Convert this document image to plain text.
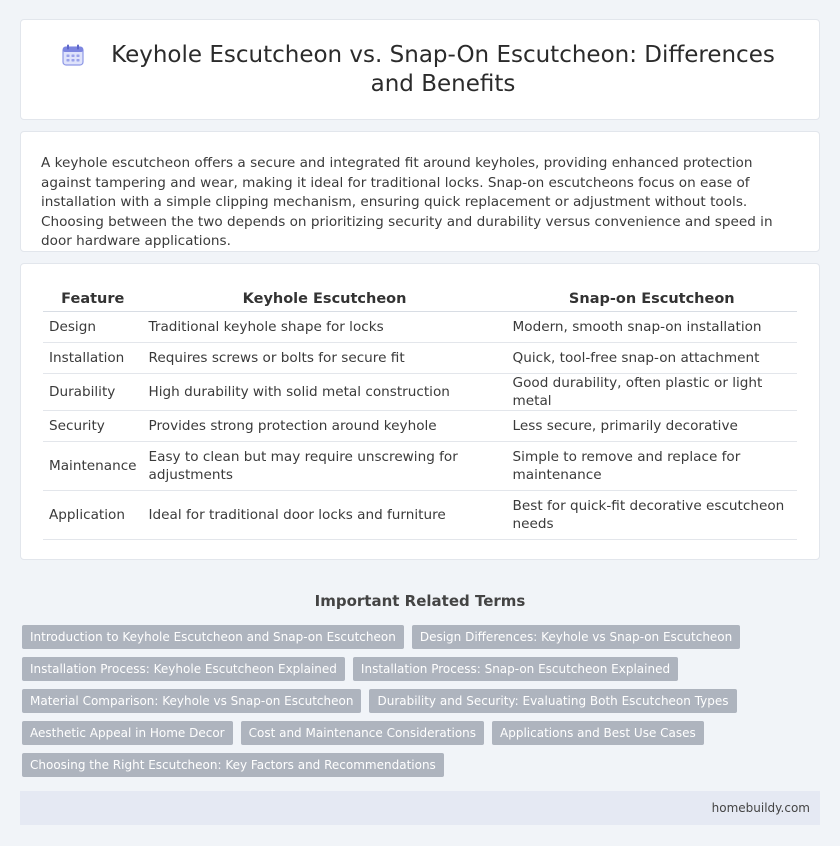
Keyhole Escutcheon vs. Snap-On Escutcheon: Differences and Benefits

A keyhole escutcheon offers a secure and integrated fit around keyholes, providing enhanced protection against tampering and wear, making it ideal for traditional locks. Snap-on escutcheons focus on ease of installation with a simple clipping mechanism, ensuring quick replacement or adjustment without tools. Choosing between the two depends on prioritizing security and durability versus convenience and speed in door hardware applications.

Feature	Keyhole Escutcheon	Snap-on Escutcheon
Design	Traditional keyhole shape for locks	Modern, smooth snap-on installation
Installation	Requires screws or bolts for secure fit	Quick, tool-free snap-on attachment
Durability	High durability with solid metal construction	Good durability, often plastic or light metal
Security	Provides strong protection around keyhole	Less secure, primarily decorative
Maintenance	Easy to clean but may require unscrewing for adjustments	Simple to remove and replace for maintenance
Application	Ideal for traditional door locks and furniture	Best for quick-fit decorative escutcheon needs
Important Related Terms
Introduction to Keyhole Escutcheon and Snap-on Escutcheon	Design Differences: Keyhole vs Snap-on Escutcheon
Installation Process: Keyhole Escutcheon Explained	Installation Process: Snap-on Escutcheon Explained
Material Comparison: Keyhole vs Snap-on Escutcheon	Durability and Security: Evaluating Both Escutcheon Types
Aesthetic Appeal in Home Decor	Cost and Maintenance Considerations	Applications and Best Use Cases
Choosing the Right Escutcheon: Key Factors and Recommendations
homebuildy.com
